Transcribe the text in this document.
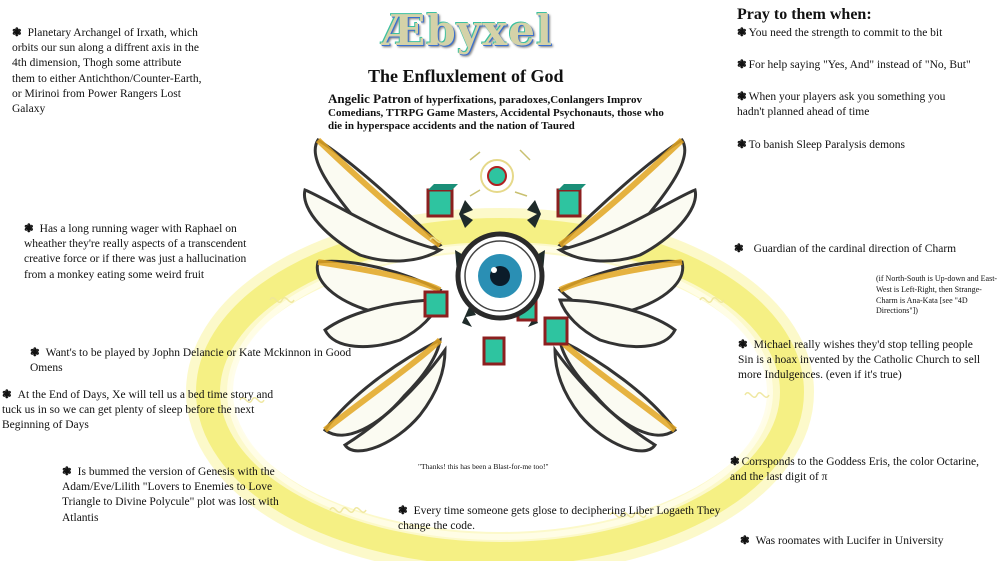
Æbyxel
The Enfluxlement of God
Angelic Patron of hyperfixations, paradoxes,Conlangers Improv Comedians, TTRPG Game Masters, Accidental Psychonauts, those who die in hyperspace accidents and the nation of Taured
❃ Planetary Archangel of Irxath, which orbits our sun along a diffrent axis in the 4th dimension, Thogh some attribute them to either Antichthon/Counter-Earth, or Mirinoi from Power Rangers Lost Galaxy
❃ Has a long running wager with Raphael on wheather they're really aspects of a transcendent creative force or if there was just a hallucination from a monkey eating some weird fruit
❃ Want's to be played by Jophn Delancie or Kate Mckinnon in Good Omens
❃ At the End of Days, Xe will tell us a bed time story and tuck us in so we can get plenty of sleep before the next Beginning of Days
❃ Is bummed the version of Genesis with the Adam/Eve/Lilith "Lovers to Enemies to Love Triangle to Divine Polycule" plot was lost with Atlantis
Pray to them when:
❃ You need the strength to commit to the bit
❃ For help saying "Yes, And" instead of "No, But"
❃ When your players ask you something you hadn't planned ahead of time
❃ To banish Sleep Paralysis demons
❃ Guardian of the cardinal direction of Charm
(if North-South is Up-down and East-West is Left-Right, then Strange-Charm is Ana-Kata [see "4D Directions"])
❃ Michael really wishes they'd stop telling people Sin is a hoax invented by the Catholic Church to sell more Indulgences. (even if it's true)
❃ Corrsponds to the Goddess Eris, the color Octarine, and the last digit of π
❃ Was roomates with Lucifer in University
"Thanks! this has been a Blast-for-me too!"
❃ Every time someone gets glose to deciphering Liber Logaeth They change the code.
